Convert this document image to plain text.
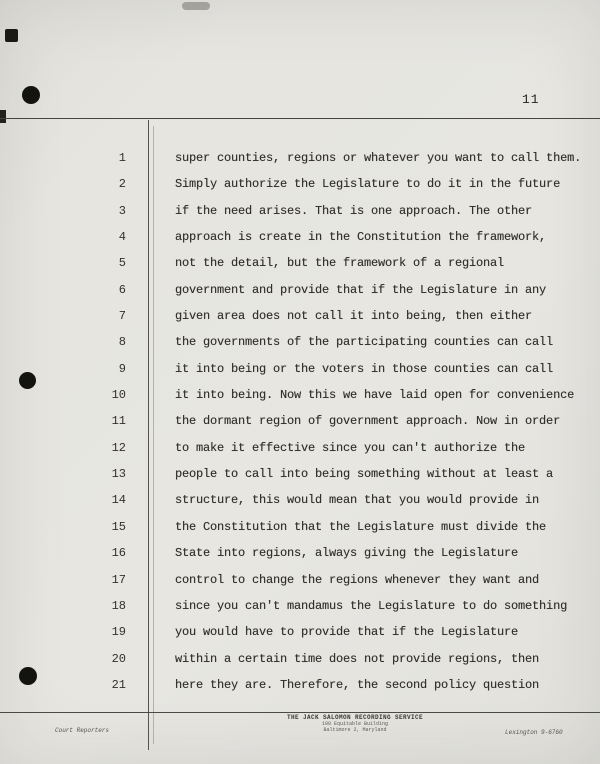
11
1	super counties, regions or whatever you want to call them.
2	Simply authorize the Legislature to do it in the future
3	if the need arises. That is one approach. The other
4	approach is create in the Constitution the framework,
5	not the detail, but the framework of a regional
6	government and provide that if the Legislature in any
7	given area does not call it into being, then either
8	the governments of the participating counties can call
9	it into being or the voters in those counties can call
10	it into being. Now this we have laid open for convenience
11	the dormant region of government approach. Now in order
12	to make it effective since you can't authorize the
13	people to call into being something without at least a
14	structure, this would mean that you would provide in
15	the Constitution that the Legislature must divide the
16	State into regions, always giving the Legislature
17	control to change the regions whenever they want and
18	since you can't mandamus the Legislature to do something
19	you would have to provide that if the Legislature
20	within a certain time does not provide regions, then
21	here they are. Therefore, the second policy question
THE JACK SALOMON RECORDING SERVICE
100 Equitable Building
Baltimore 2, Maryland
Court Reporters	Lexington 9-6760
